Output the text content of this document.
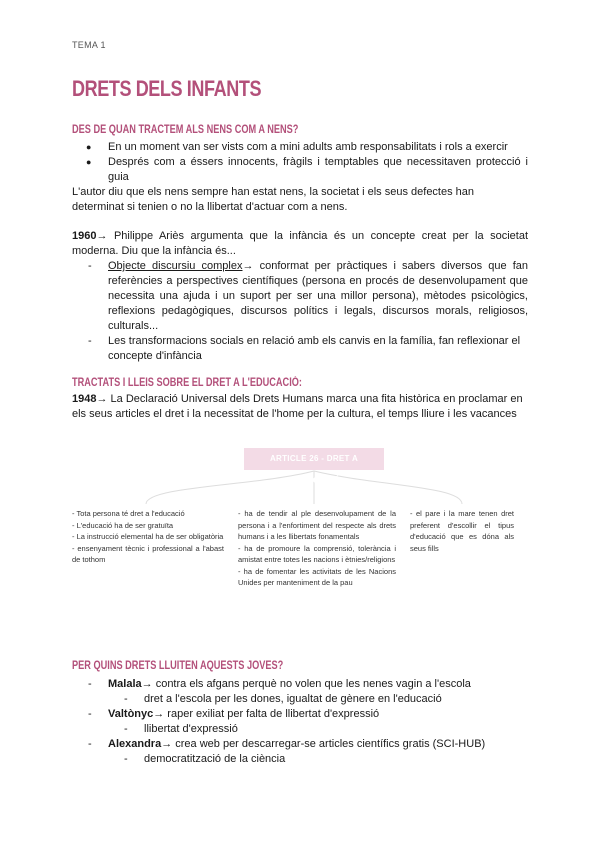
TEMA 1
DRETS DELS INFANTS
DES DE QUAN TRACTEM ALS NENS COM A NENS?
● En un moment van ser vists com a mini adults amb responsabilitats i rols a exercir
● Després com a éssers innocents, fràgils i temptables que necessitaven protecció i guia

L'autor diu que els nens sempre han estat nens, la societat i els seus defectes han determinat si tenien o no la llibertat d'actuar com a nens.

1960→ Philippe Ariès argumenta que la infància és un concepte creat per la societat moderna. Diu que la infància és...

- Objecte discursiu complex→ conformat per pràctiques i sabers diversos que fan referències a perspectives científiques (persona en procés de desenvolupament que necessita una ajuda i un suport per ser una millor persona), mètodes psicològics, reflexions pedagògiques, discursos polítics i legals, discursos morals, religiosos, culturals...
- Les transformacions socials en relació amb els canvis en la família, fan reflexionar el concepte d'infància
TRACTATS I LLEIS SOBRE EL DRET A L'EDUCACIÓ:

1948→ La Declaració Universal dels Drets Humans marca una fita històrica en proclamar en els seus articles el dret i la necessitat de l'home per la cultura, el temps lliure i les vacances

ARTICLE 26 - DRET A L'EDUCACIÓ
- Tota persona té dret a l'educació
- L'educació ha de ser gratuïta
- La instrucció elemental ha de ser obligatòria
- ensenyament tècnic i professional a l'abast de tothom
- ha de tendir al ple desenvolupament de la persona i a l'enfortiment del respecte als drets humans i a les llibertats fonamentals
- ha de promoure la comprensió, tolerància i amistat entre totes les nacions i ètnies/religions
- ha de fomentar les activitats de les Nacions Unides per manteniment de la pau
- el pare i la mare tenen dret preferent d'escollir el tipus d'educació que es dóna als seus fills
PER QUINS DRETS LLUITEN AQUESTS JOVES?
- Malala→ contra els afgans perquè no volen que les nenes vagin a l'escola
- dret a l'escola per les dones, igualtat de gènere en l'educació
- Valtònyc→ raper exiliat per falta de llibertat d'expressió
- llibertat d'expressió
- Alexandra→ crea web per descarregar-se articles científics gratis (SCI-HUB)
- democratització de la ciència
